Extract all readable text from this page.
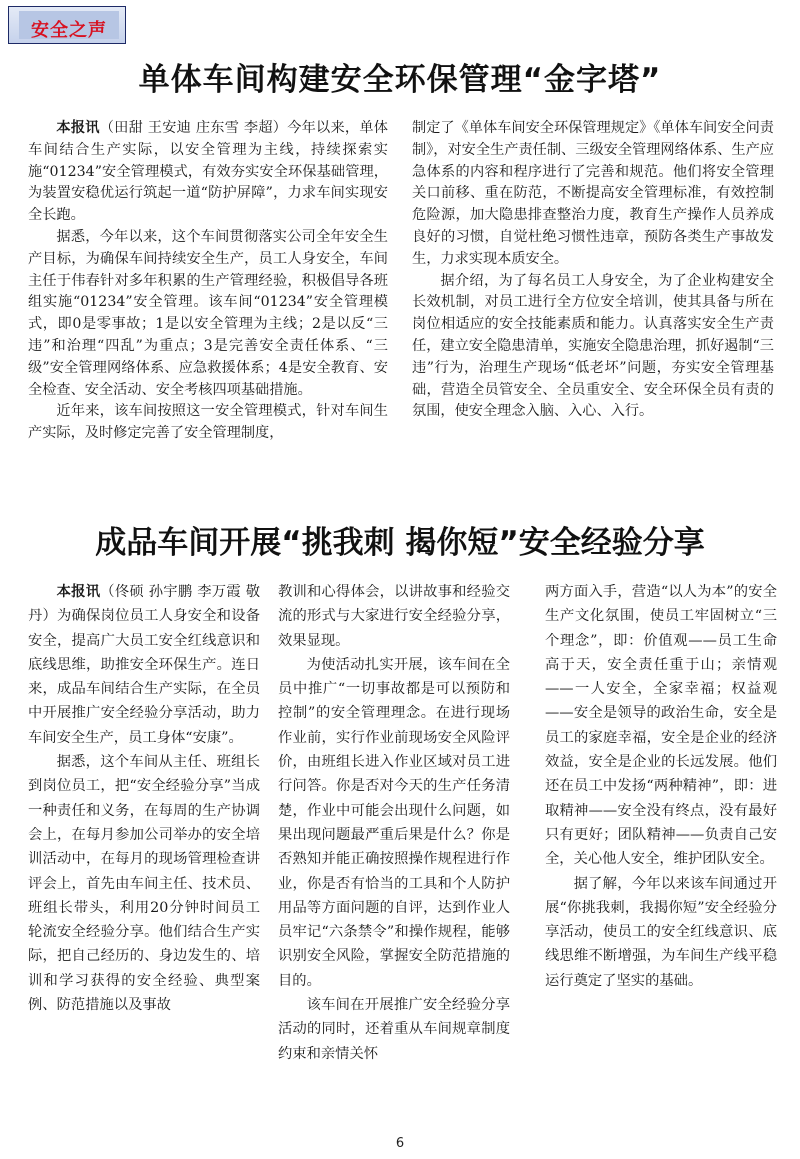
安全之声
单体车间构建安全环保管理“金字塔”

本报讯（田甜 王安迪 庄东雪 李超）今年以来，单体车间结合生产实际，以安全管理为主线，持续探索实施“01234”安全管理模式，有效夯实安全环保基础管理，为装置安稳优运行筑起一道“防护屏障”，力求车间实现安全长跑。

据悉，今年以来，这个车间贯彻落实公司全年安全生产目标，为确保车间持续安全生产，员工人身安全，车间主任于伟春针对多年积累的生产管理经验，积极倡导各班组实施“01234”安全管理。该车间“01234”安全管理模式，即0是零事故；1是以安全管理为主线；2是以反“三违”和治理“四乱”为重点；3是完善安全责任体系、“三级”安全管理网络体系、应急救援体系；4是安全教育、安全检查、安全活动、安全考核四项基础措施。

近年来，该车间按照这一安全管理模式，针对车间生产实际，及时修定完善了安全管理制度，

制定了《单体车间安全环保管理规定》《单体车间安全问责制》，对安全生产责任制、三级安全管理网络体系、生产应急体系的内容和程序进行了完善和规范。他们将安全管理关口前移、重在防范，不断提高安全管理标准，有效控制危险源，加大隐患排查整治力度，教育生产操作人员养成良好的习惯，自觉杜绝习惯性违章，预防各类生产事故发生，力求实现本质安全。

据介绍，为了每名员工人身安全，为了企业构建安全长效机制，对员工进行全方位安全培训，使其具备与所在岗位相适应的安全技能素质和能力。认真落实安全生产责任，建立安全隐患清单，实施安全隐患治理，抓好遏制“三违”行为，治理生产现场“低老坏”问题，夯实安全管理基础，营造全员管安全、全员重安全、安全环保全员有责的氛围，使安全理念入脑、入心、入行。

成品车间开展“挑我刺 揭你短”安全经验分享

本报讯（佟硕 孙宇鹏 李万霞 敬丹）为确保岗位员工人身安全和设备安全，提高广大员工安全红线意识和底线思维，助推安全环保生产。连日来，成品车间结合生产实际，在全员中开展推广安全经验分享活动，助力车间安全生产，员工身体“安康”。

据悉，这个车间从主任、班组长到岗位员工，把“安全经验分享”当成一种责任和义务，在每周的生产协调会上，在每月参加公司举办的安全培训活动中，在每月的现场管理检查讲评会上，首先由车间主任、技术员、班组长带头，利用20分钟时间员工轮流安全经验分享。他们结合生产实际，把自己经历的、身边发生的、培训和学习获得的安全经验、典型案例、防范措施以及事故

教训和心得体会，以讲故事和经验交流的形式与大家进行安全经验分享，效果显现。

为使活动扎实开展，该车间在全员中推广“一切事故都是可以预防和控制”的安全管理理念。在进行现场作业前，实行作业前现场安全风险评价，由班组长进入作业区域对员工进行问答。你是否对今天的生产任务清楚，作业中可能会出现什么问题，如果出现问题最严重后果是什么？你是否熟知并能正确按照操作规程进行作业，你是否有恰当的工具和个人防护用品等方面问题的自评，达到作业人员牢记“六条禁令”和操作规程，能够识别安全风险，掌握安全防范措施的目的。

该车间在开展推广安全经验分享活动的同时，还着重从车间规章制度约束和亲情关怀

两方面入手，营造“以人为本”的安全生产文化氛围，使员工牢固树立“三个理念”，即：价值观——员工生命高于天，安全责任重于山；亲情观——一人安全，全家幸福；权益观——安全是领导的政治生命，安全是员工的家庭幸福，安全是企业的经济效益，安全是企业的长远发展。他们还在员工中发扬“两种精神”，即：进取精神——安全没有终点，没有最好只有更好；团队精神——负责自己安全，关心他人安全，维护团队安全。

据了解，今年以来该车间通过开展“你挑我刺，我揭你短”安全经验分享活动，使员工的安全红线意识、底线思维不断增强，为车间生产线平稳运行奠定了坚实的基础。

6
